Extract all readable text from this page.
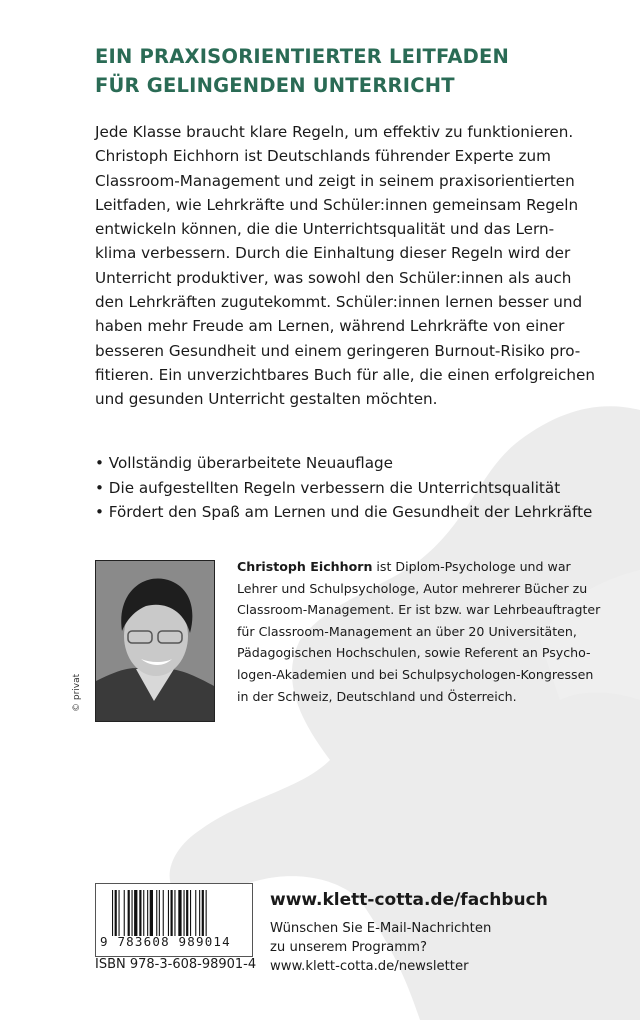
EIN PRAXISORIENTIERTER LEITFADEN
FÜR GELINGENDEN UNTERRICHT
Jede Klasse braucht klare Regeln, um effektiv zu funktionieren.
Christoph Eichhorn ist Deutschlands führender Experte zum
Classroom-Management und zeigt in seinem praxisorientierten
Leitfaden, wie Lehrkräfte und Schüler:innen gemeinsam Regeln
entwickeln können, die die Unterrichtsqualität und das Lern-
klima verbessern. Durch die Einhaltung dieser Regeln wird der
Unterricht produktiver, was sowohl den Schüler:innen als auch
den Lehrkräften zugutekommt. Schüler:innen lernen besser und
haben mehr Freude am Lernen, während Lehrkräfte von einer
besseren Gesundheit und einem geringeren Burnout-Risiko pro-
fitieren. Ein unverzichtbares Buch für alle, die einen erfolgreichen
und gesunden Unterricht gestalten möchten.
• Vollständig überarbeitete Neuauflage
• Die aufgestellten Regeln verbessern die Unterrichtsqualität
• Fördert den Spaß am Lernen und die Gesundheit der Lehrkräfte
© privat
Christoph Eichhorn ist Diplom-Psychologe und war
Lehrer und Schulpsychologe, Autor mehrerer Bücher zu
Classroom-Management. Er ist bzw. war Lehrbeauftragter
für Classroom-Management an über 20 Universitäten,
Pädagogischen Hochschulen, sowie Referent an Psycho-
logen-Akademien und bei Schulpsychologen-Kongressen
in der Schweiz, Deutschland und Österreich.
9 783608 989014
ISBN 978-3-608-98901-4
www.klett-cotta.de/fachbuch
Wünschen Sie E-Mail-Nachrichten
zu unserem Programm?
www.klett-cotta.de/newsletter
